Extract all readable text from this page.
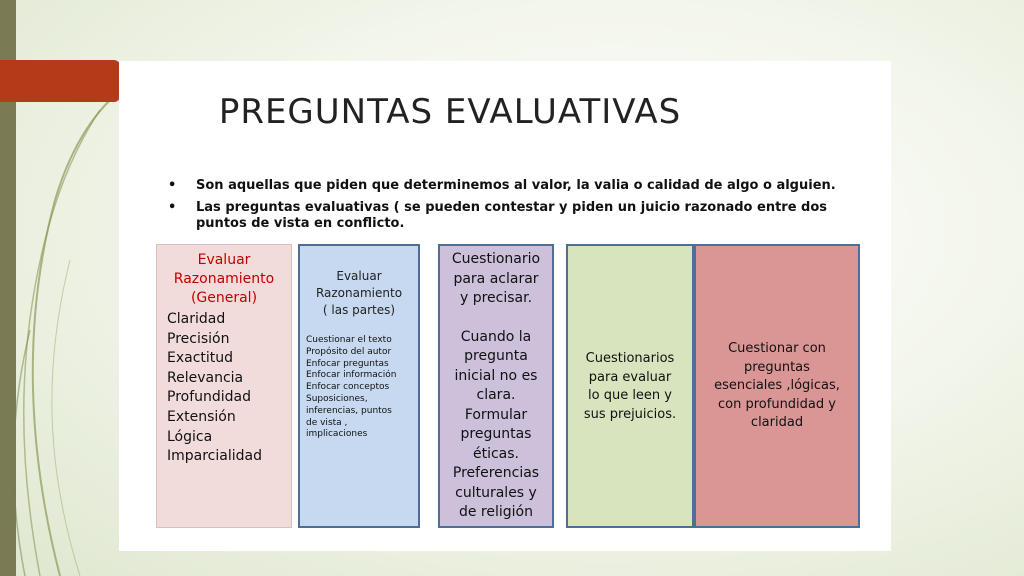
PREGUNTAS EVALUATIVAS
•	Son aquellas que piden que determinemos al valor, la valia o calidad de algo o alguien.
•	Las preguntas evaluativas ( se pueden contestar y piden un juicio razonado entre dos puntos de vista en conflicto.
Evaluar
Razonamiento
(General)
Claridad
Precisión
Exactitud
Relevancia
Profundidad
Extensión
Lógica
Imparcialidad
Evaluar
Razonamiento
( las partes)
Cuestionar el texto
Propósito del autor
Enfocar preguntas
Enfocar información
Enfocar conceptos
Suposiciones,
inferencias, puntos
de vista ,
implicaciones
Cuestionario
para aclarar
y precisar.
Cuando la
pregunta
inicial no es
clara.
Formular
preguntas
éticas.
Preferencias
culturales y
de religión
Cuestionarios
para evaluar
lo que leen y
sus prejuicios.
Cuestionar con
preguntas
esenciales ,lógicas,
con profundidad y
claridad
